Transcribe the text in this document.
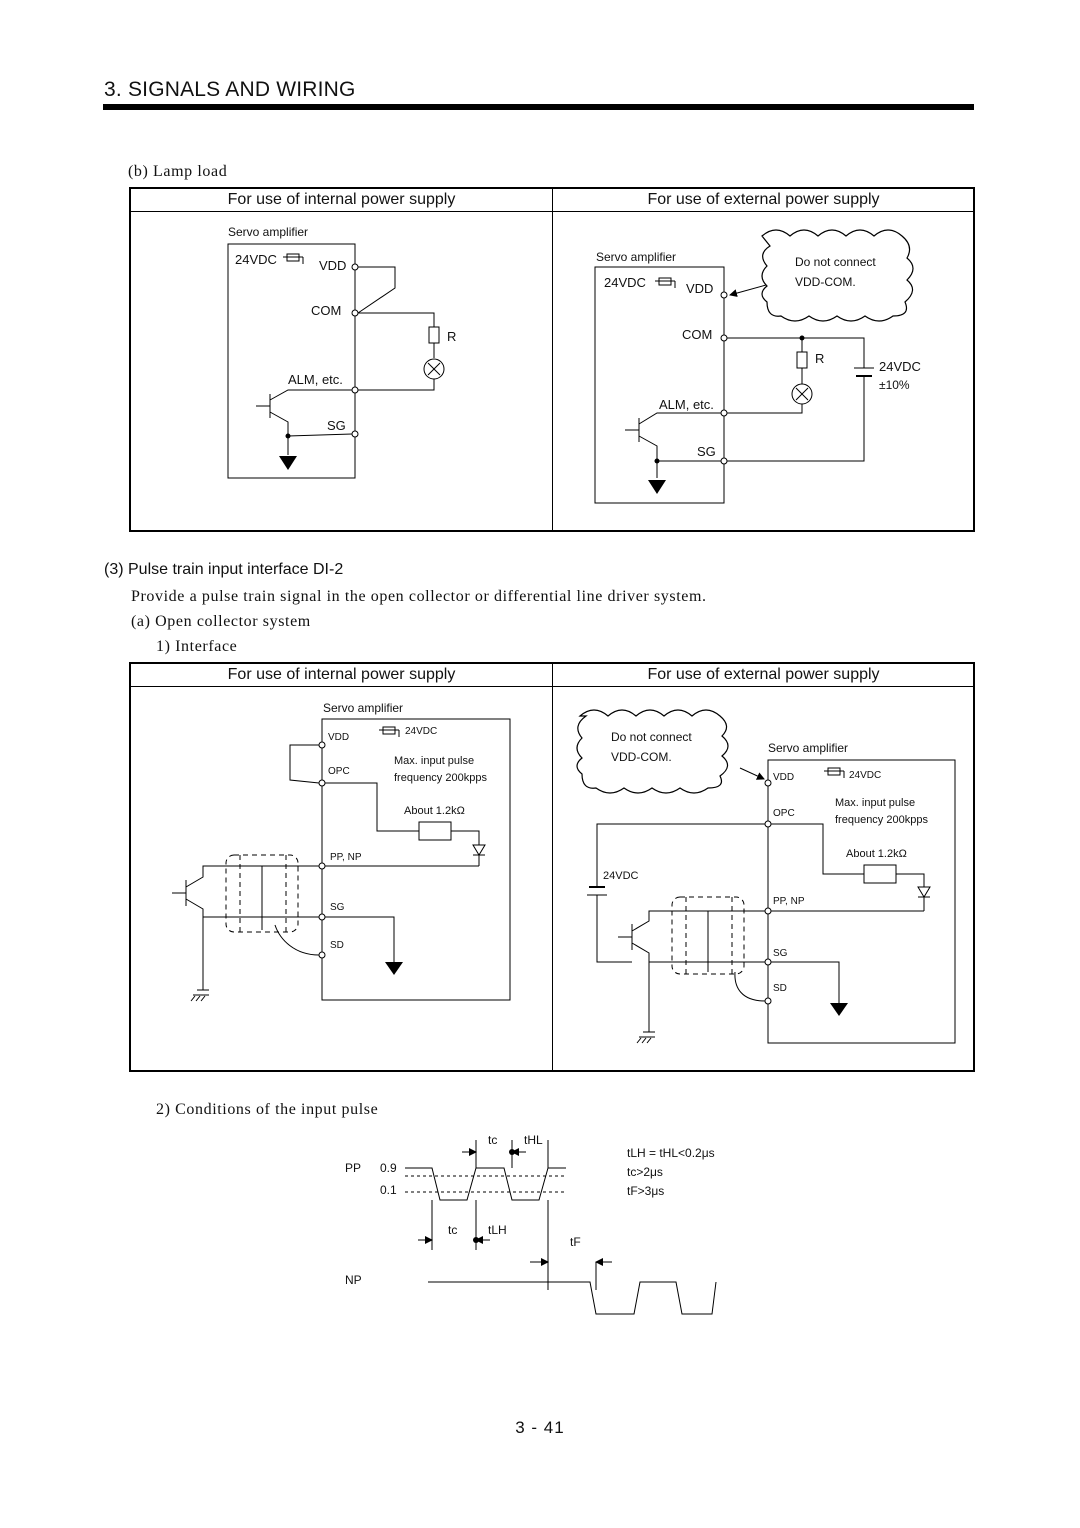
3. SIGNALS AND WIRING
(b) Lamp load
For use of internal power supply	For use of external power supply
Servo amplifier
24VDC	VDD
COM
R
ALM, etc.
SG
Servo amplifier
24VDC	VDD
Do not connect
VDD-COM.
COM
R
24VDC
±10%
ALM, etc.
SG
Servo amplifier
24VDC
VDD
Max. input pulse
frequency 200kpps
OPC
About 1.2kΩ
PP, NP
SG
SD
Do not connect
VDD-COM.
Servo amplifier
VDD	24VDC
Max. input pulse
frequency 200kpps
OPC
About 1.2kΩ
24VDC
PP, NP
SG
SD
PP 0.9
0.1
tc tHL
tc	tLH
tF
NP
tLH = tHL<0.2μs
tc>2μs
tF>3μs
(3) Pulse train input interface DI-2
Provide a pulse train signal in the open collector or differential line driver system.
(a) Open collector system
1) Interface
For use of internal power supply	For use of external power supply
2) Conditions of the input pulse
3 - 41
